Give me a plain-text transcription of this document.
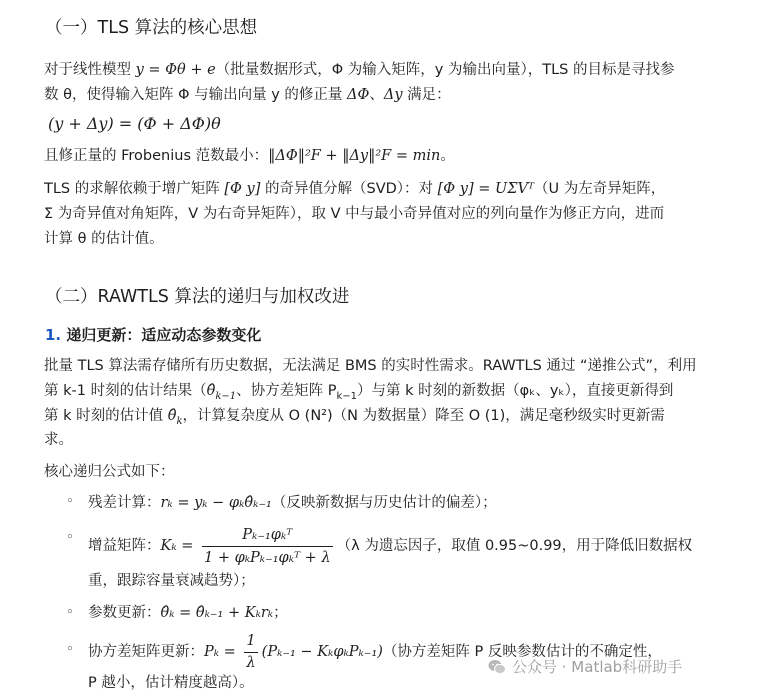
（一）TLS 算法的核心思想
对于线性模型 y = Φθ + e（批量数据形式，Φ 为输入矩阵，y 为输出向量），TLS 的目标是寻找参
数 θ，使得输入矩阵 Φ 与输出向量 y 的修正量 ΔΦ、Δy 满足：
(y + Δy) = (Φ + ΔΦ)θ
且修正量的 Frobenius 范数最小：‖ΔΦ‖²F + ‖Δy‖²F = min。
TLS 的求解依赖于增广矩阵 [Φ y] 的奇异值分解（SVD）：对 [Φ y] = UΣVᵀ（U 为左奇异矩阵，
Σ 为奇异值对角矩阵，V 为右奇异矩阵），取 V 中与最小奇异值对应的列向量作为修正方向，进而
计算 θ 的估计值。
（二）RAWTLS 算法的递归与加权改进
1. 递归更新：适应动态参数变化
批量 TLS 算法需存储所有历史数据，无法满足 BMS 的实时性需求。RAWTLS 通过 “递推公式”，利用
第 k-1 时刻的估计结果（$\thetâ_{k-1}$、协方差矩阵 $P_{k-1}$）与第 k 时刻的新数据（φₖ、yₖ），直接更新得到
第 k 时刻的估计值 $\thetâ_k$，计算复杂度从 O (N²)（N 为数据量）降至 O (1)，满足毫秒级实时更新需
求。
核心递归公式如下：
◦ 残差计算：rₖ = yₖ − φₖθ̂ₖ₋₁（反映新数据与历史估计的偏差）；
◦
增益矩阵：$K_k = \frac{\text{Pₖ₋₁φₖᵀ}}{\text{1 + φₖPₖ₋₁φₖᵀ + λ}} (\lambda$ 为遗忘因子，取值 0.95~0.99，用于降低旧数据权
重，跟踪容量衰减趋势）；
◦ 参数更新：θ̂ₖ = θ̂ₖ₋₁ + Kₖrₖ；
◦ 协方差矩阵更新：$P_k = \frac{1}{\lambda} (P_{k-1} - K_k\varphi_kP_{k-1})$（协方差矩阵 P 反映参数估计的不确定性，
P 越小，估计精度越高）。
公众号 · Matlab科研助手
